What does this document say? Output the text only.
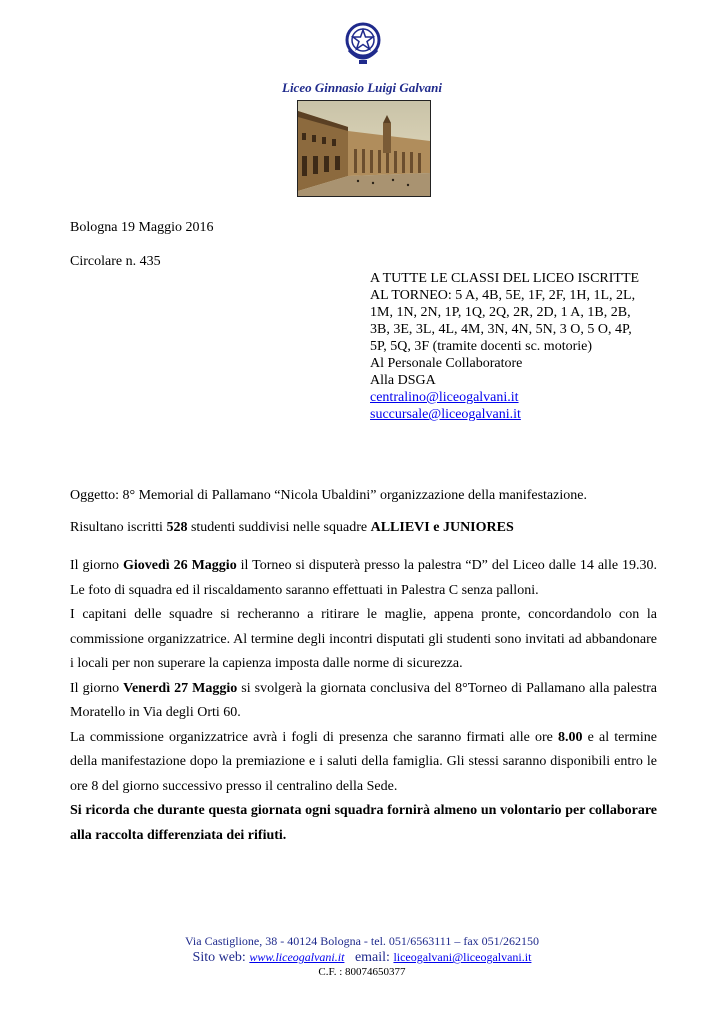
Liceo Ginnasio Luigi Galvani
Bologna 19 Maggio 2016
Circolare n. 435
A TUTTE LE CLASSI DEL LICEO ISCRITTE
AL TORNEO: 5 A, 4B, 5E, 1F, 2F, 1H, 1L, 2L,
1M, 1N, 2N, 1P, 1Q, 2Q, 2R, 2D, 1 A, 1B, 2B,
3B, 3E, 3L, 4L, 4M, 3N, 4N, 5N, 3 O, 5 O, 4P,
5P, 5Q, 3F (tramite docenti sc. motorie)
Al Personale Collaboratore
Alla DSGA
centralino@liceogalvani.it
succursale@liceogalvani.it
Oggetto: 8° Memorial di Pallamano “Nicola Ubaldini” organizzazione della manifestazione.
Risultano iscritti 528 studenti suddivisi nelle squadre ALLIEVI e JUNIORES

Il giorno Giovedì 26 Maggio il Torneo si disputerà presso la palestra “D” del Liceo dalle 14 alle 19.30. Le foto di squadra ed il riscaldamento saranno effettuati in Palestra C senza palloni.

I capitani delle squadre si recheranno a ritirare le maglie, appena pronte, concordandolo con la commissione organizzatrice. Al termine degli incontri disputati gli studenti sono invitati ad abbandonare i locali per non superare la capienza imposta dalle norme di sicurezza.

Il giorno Venerdì 27 Maggio si svolgerà la giornata conclusiva del 8°Torneo di Pallamano alla palestra Moratello in Via degli Orti 60.

La commissione organizzatrice avrà i fogli di presenza che saranno firmati alle ore 8.00 e al termine della manifestazione dopo la premiazione e i saluti della famiglia. Gli stessi saranno disponibili entro le ore 8 del giorno successivo presso il centralino della Sede.

Si ricorda che durante questa giornata ogni squadra fornirà almeno un volontario per collaborare alla raccolta differenziata dei rifiuti.

Via Castiglione, 38 - 40124 Bologna - tel. 051/6563111 – fax 051/262150
Sito web: www.liceogalvani.it   email: liceogalvani@liceogalvani.it
C.F. : 80074650377
